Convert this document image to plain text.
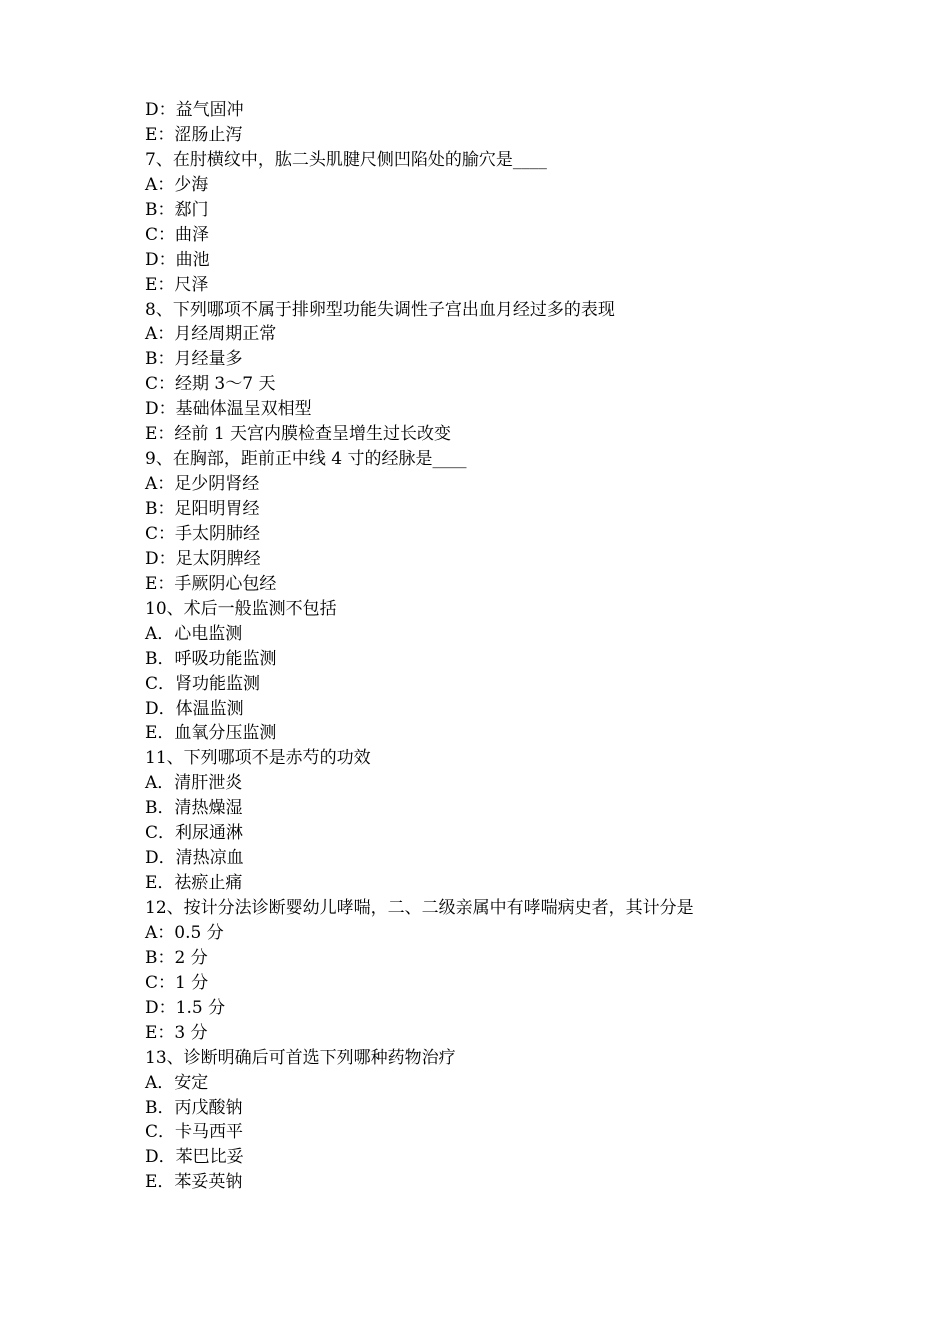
D：益气固冲
E：涩肠止泻
7、在肘横纹中，肱二头肌腱尺侧凹陷处的腧穴是____
A：少海
B：郄门
C：曲泽
D：曲池
E：尺泽
8、下列哪项不属于排卵型功能失调性子宫出血月经过多的表现
A：月经周期正常
B：月经量多
C：经期 3～7 天
D：基础体温呈双相型
E：经前 1 天宫内膜检查呈增生过长改变
9、在胸部，距前正中线 4 寸的经脉是____
A：足少阴肾经
B：足阳明胃经
C：手太阴肺经
D：足太阴脾经
E：手厥阴心包经
10、术后一般监测不包括
A．心电监测
B．呼吸功能监测
C．肾功能监测
D．体温监测
E．血氧分压监测
11、下列哪项不是赤芍的功效
A．清肝泄炎
B．清热燥湿
C．利尿通淋
D．清热凉血
E．祛瘀止痛
12、按计分法诊断婴幼儿哮喘，二、二级亲属中有哮喘病史者，其计分是
A：0.5 分
B：2 分
C：1 分
D：1.5 分
E：3 分
13、诊断明确后可首选下列哪种药物治疗
A．安定
B．丙戊酸钠
C．卡马西平
D．苯巴比妥
E．苯妥英钠
